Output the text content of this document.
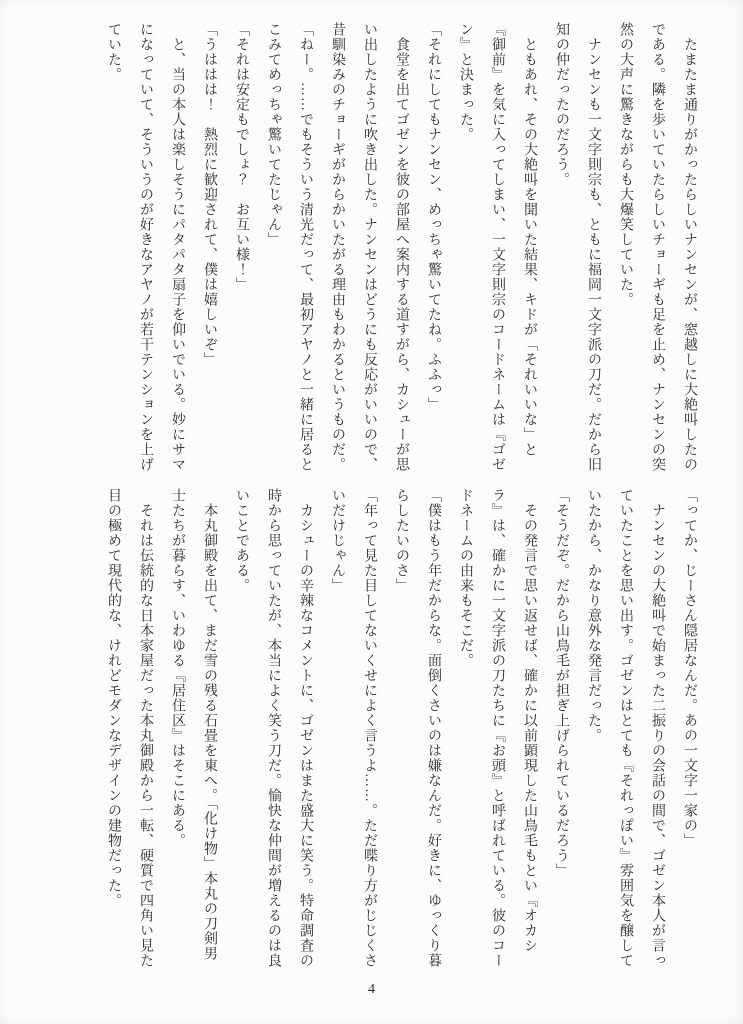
　たまたま通りがかったらしいナンセンが、窓越しに大絶叫したのである。隣を歩いていたらしいチョーギも足を止め、ナンセンの突然の大声に驚きながらも大爆笑していた。

　ナンセンも一文字則宗も、ともに福岡一文字派の刀だ。だから旧知の仲だったのだろう。

　ともあれ、その大絶叫を聞いた結果、キドが「それいいな」と『御前』を気に入ってしまい、一文字則宗のコードネームは『ゴゼン』と決まった。

「それにしてもナンセン、めっちゃ驚いてたね。ふふっ」

　食堂を出てゴゼンを彼の部屋へ案内する道すがら、カシューが思い出したように吹き出した。ナンセンはどうにも反応がいいので、昔馴染みのチョーギがからかいたがる理由もわかるというものだ。

「ねー。……でもそういう清光だって、最初アヤノと一緒に居るとこみてめっちゃ驚いてたじゃん」

「それは安定もでしょ？　お互い様！」

「うははは！　熱烈に歓迎されて、僕は嬉しいぞ」

　と、当の本人は楽しそうにパタパタ扇子を仰いでいる。妙にサマになっていて、そういうのが好きなアヤノが若干テンションを上げていた。

「ってか、じーさん隠居なんだ。あの一文字一家の」

　ナンセンの大絶叫で始まった二振りの会話の間で、ゴゼン本人が言っていたことを思い出す。ゴゼンはとても『それっぽい』雰囲気を醸していたから、かなり意外な発言だった。

「そうだぞ。だから山鳥毛が担ぎ上げられているだろう」

　その発言で思い返せば、確かに以前顕現した山鳥毛もとい『オカシラ』は、確かに一文字派の刀たちに『お頭』と呼ばれている。彼のコードネームの由来もそこだ。

「僕はもう年だからな。面倒くさいのは嫌なんだ。好きに、ゆっくり暮らしたいのさ」

「年って見た目してないくせによく言うよ……。ただ喋り方がじじくさいだけじゃん」

　カシューの辛辣なコメントに、ゴゼンはまた盛大に笑う。特命調査の時から思っていたが、本当によく笑う刀だ。愉快な仲間が増えるのは良いことである。

　本丸御殿を出て、まだ雪の残る石畳を東へ。「化け物」本丸の刀剣男士たちが暮らす、いわゆる『居住区』はそこにある。

　それは伝統的な日本家屋だった本丸御殿から一転、硬質で四角い見た目の極めて現代的な、けれどモダンなデザインの建物だった。

4
